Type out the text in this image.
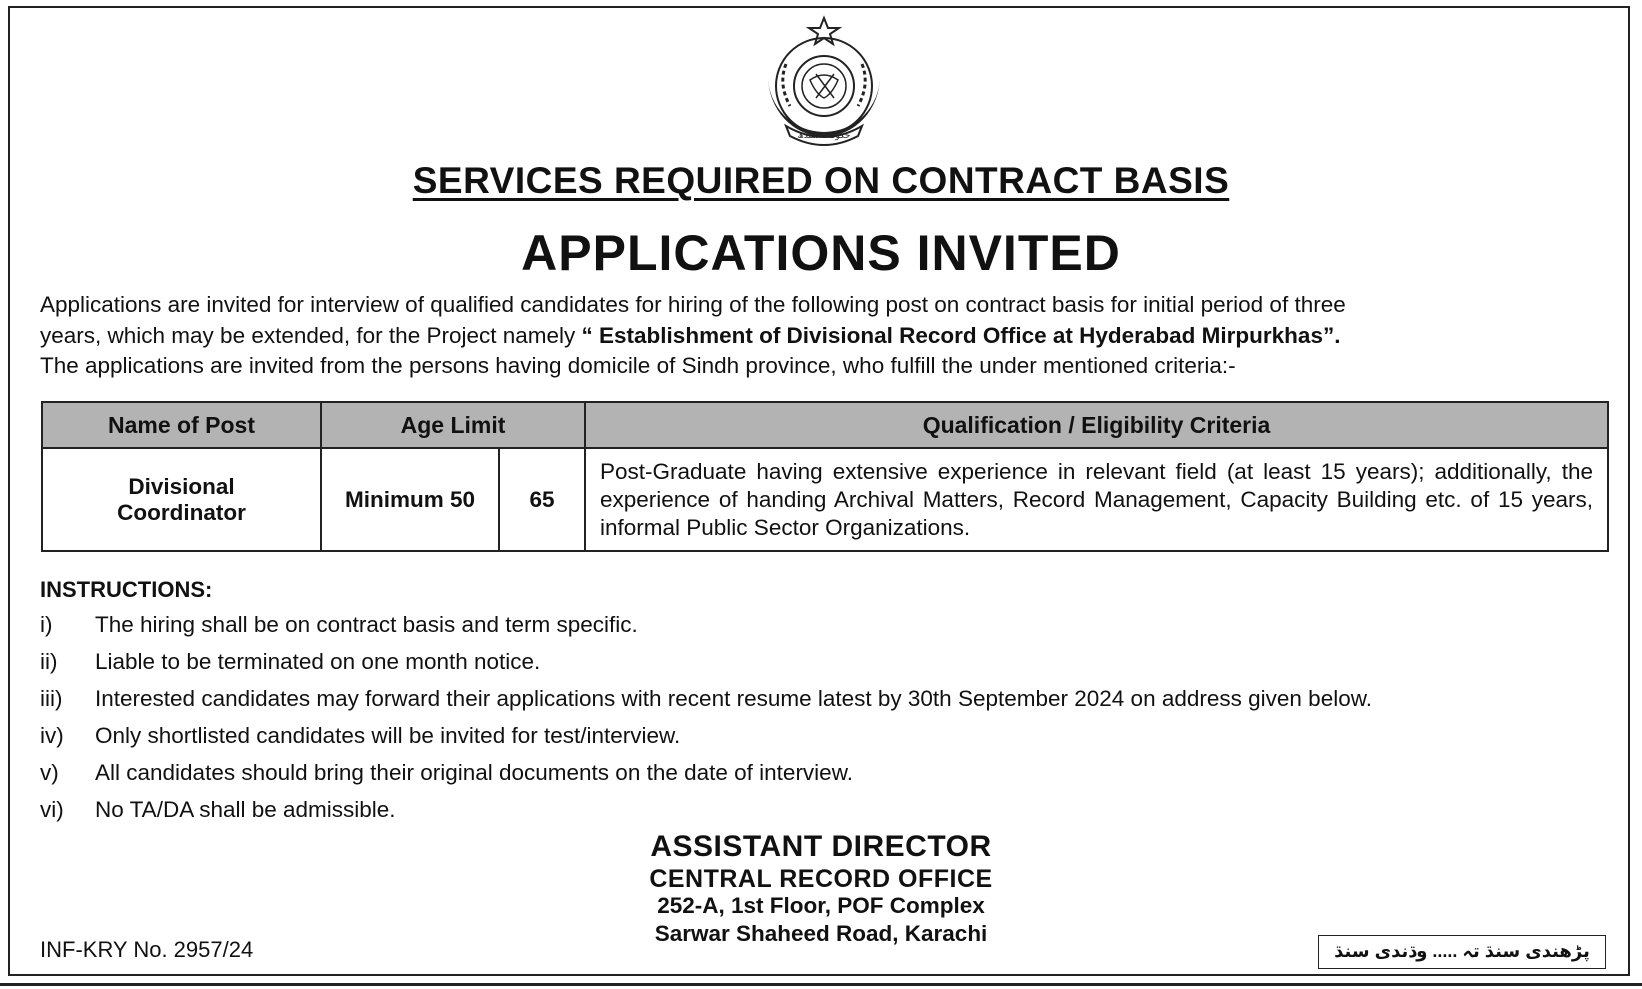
حکومت سندھ
SERVICES REQUIRED ON CONTRACT BASIS
APPLICATIONS INVITED
Applications are invited for interview of qualified candidates for hiring of the following post on contract basis for initial period of three
years, which may be extended, for the Project namely “ Establishment of Divisional Record Office at Hyderabad Mirpurkhas”.
The applications are invited from the persons having domicile of Sindh province, who fulfill the under mentioned criteria:-
Name of Post	Age Limit		Qualification / Eligibility Criteria
Divisional Coordinator	Minimum 50	65	Post-Graduate having extensive experience in relevant field (at least 15 years); additionally, the experience of handing Archival Matters, Record Management, Capacity Building etc. of 15 years, informal Public Sector Organizations.
INSTRUCTIONS:
i) The hiring shall be on contract basis and term specific.
ii) Liable to be terminated on one month notice.
iii) Interested candidates may forward their applications with recent resume latest by 30th September 2024 on address given below.
iv) Only shortlisted candidates will be invited for test/interview.
v) All candidates should bring their original documents on the date of interview.
vi) No TA/DA shall be admissible.
ASSISTANT DIRECTOR
CENTRAL RECORD OFFICE
252-A, 1st Floor, POF Complex
Sarwar Shaheed Road, Karachi
INF-KRY No. 2957/24	پڑھندی سنڌ تہ ..... وڌندی سنڌ
